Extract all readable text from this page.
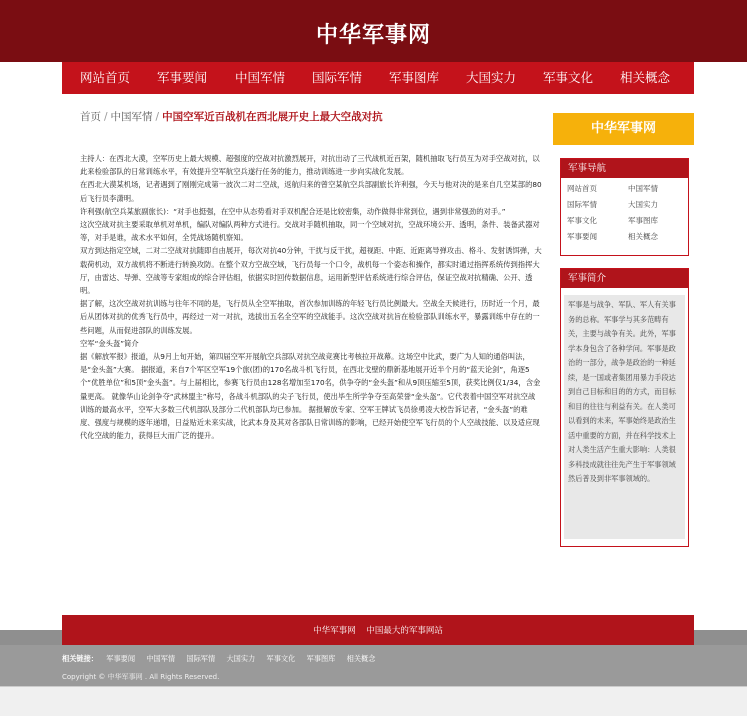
中华军事网
网站首页 军事要闻 中国军情 国际军情 军事图库 大国实力 军事文化 相关概念
首页 / 中国军情 / 中国空军近百战机在西北展开史上最大空战对抗

主持人：在西北大漠，空军历史上最大规模、超强度的空战对抗激烈展开，对抗出动了三代战机近百架，随机抽取飞行员互为对手空战对抗，以此来检验部队的日常训练水平，有效提升空军航空兵遂行任务的能力，推动训练进一步向实战化发展。

在西北大漠某机场，记者遇到了刚刚完成第一波次二对二空战，返航归来的曾空某航空兵部副旅长许利强，今天与他对决的是来自几空某部的80后飞行员李潇明。

许利强(航空兵某旅副旅长)：“对手也挺强，在空中从态势看对手双机配合还是比较密集，动作做得非常到位，遇到非常强劲的对手。”

这次空战对抗主要采取单机对单机，编队对编队两种方式进行。交战对手随机抽取，同一个空域对抗，空战环境公开、透明，条件、装备武器对等，对手是谁，战术水平如何，全凭战场随机察知。

双方到达指定空域，二对二空战对抗随即自由展开，每次对抗40分钟，干扰与反干扰，超视距、中距、近距离导弹攻击、格斗、发射诱饵弹，大载荷机动，双方战机将不断进行转换攻防。在整个双方空战空域，飞行员每一个口令，战机每一个姿态和操作，都实时通过指挥系统传到指挥大厅，由雷达、导弹、空战等专家组成的综合评估组，依据实时回传数据信息，运用新型评估系统进行综合评估，保证空战对抗精确、公开、透明。

据了解，这次空战对抗训练与往年不同的是，飞行员从全空军抽取，首次参加训练的年轻飞行员比例最大。空战全天候进行，历时近一个月，最后从团体对抗的优秀飞行员中，再经过一对一对抗，选拔出五名全空军的空战能手。这次空战对抗旨在检验部队训练水平，暴露训练中存在的一些问题，从而促进部队的训练发展。

空军“金头盔”简介

据《解放军报》报道，从9月上旬开始，第四届空军开展航空兵部队对抗空战竞赛比考核拉开战幕。这场空中比武，要广为人知的通俗叫法，是“金头盔”大赛。 据报道，来自7个军区空军19个旅(团)的170名战斗机飞行员，在西北戈壁的鼎新基地展开近半个月的“蓝天论剑”，角逐5个“优胜单位”和5顶“金头盔”。与上届相比，参赛飞行员由128名增加至170名，供争夺的“金头盔”和从9顶压缩至5顶，获奖比例仅1/34，含金量更高。 就像华山论剑争夺“武林盟主”称号，各战斗机部队的尖子飞行员，使出毕生所学争夺至高荣誉“金头盔”。它代表着中国空军对抗空战训练的最高水平，空军大多数三代机部队及部分二代机部队均已参加。 据报解放专家、空军王牌试飞员徐勇凌大校告诉记者，“金头盔”的难度、强度与规模的逐年递增，日益贴近未来实战，比武本身及其对各部队日常训练的影响，已经开始使空军飞行员的个人空战技能、以及适应现代化空战的能力，获得巨大而广泛的提升。

中华军事网
军事导航
网站首页	中国军情
国际军情	大国实力
军事文化	军事图库
军事要闻	相关概念
军事简介
军事是与战争、军队、军人有关事务的总称。军事学与其多范畴有关，主要与战争有关。此外，军事学本身包含了各种学问。军事是政治的一部分，战争是政治的一种延续，是一国或者集团用暴力手段达到自己目标和目的的方式，而目标和目的往往与利益有关。在人类可以看到的未来，军事始终是政治生活中重要的方面，并在科学技术上对人类生活产生重大影响：人类很多科技成就往往先产生于军事领域然后普及到非军事领域的。
相关链接： 军事要闻 中国军情 国际军情 大国实力 军事文化 军事图库 相关概念
Copyright © 中华军事网 . All Rights Reserved.
中华军事网    中国最大的军事网站
